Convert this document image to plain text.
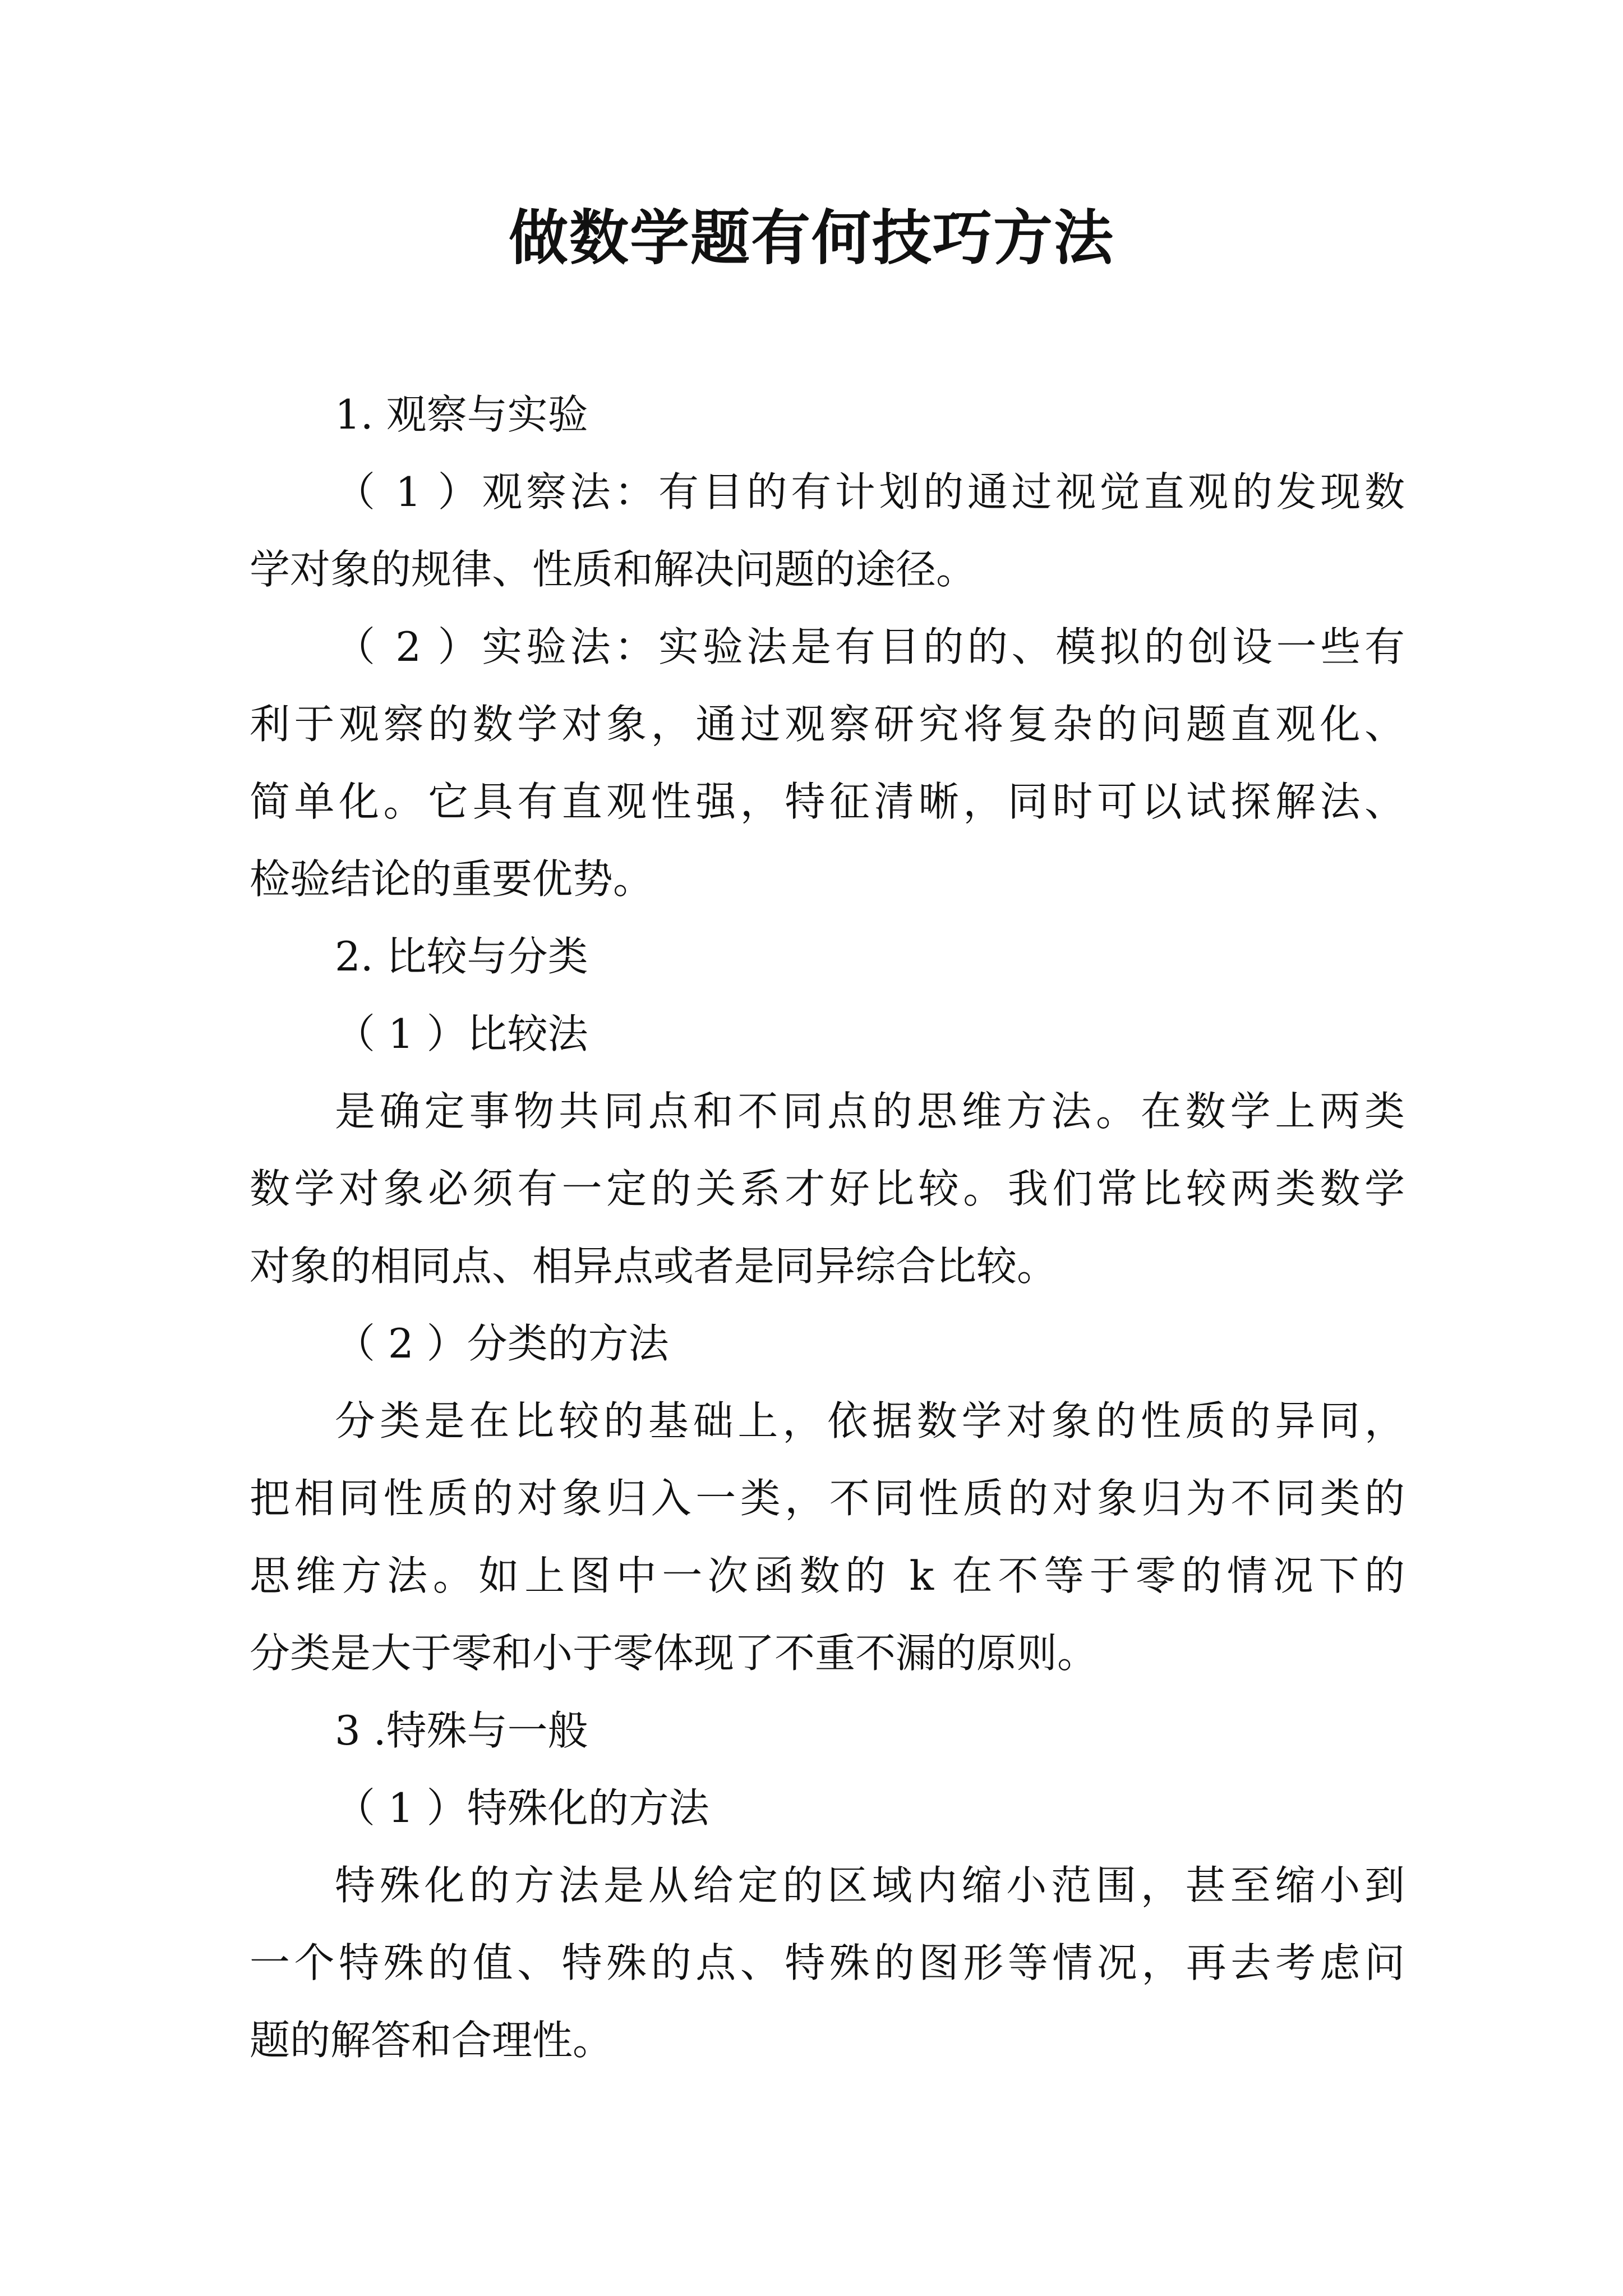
做数学题有何技巧方法
1. 观察与实验
（ 1 ）观察法：有目的有计划的通过视觉直观的发现数
学对象的规律、性质和解决问题的途径。
（ 2 ）实验法：实验法是有目的的、模拟的创设一些有
利于观察的数学对象，通过观察研究将复杂的问题直观化、
简单化。它具有直观性强，特征清晰，同时可以试探解法、
检验结论的重要优势。
2. 比较与分类
（ 1 ）比较法
是确定事物共同点和不同点的思维方法。在数学上两类
数学对象必须有一定的关系才好比较。我们常比较两类数学
对象的相同点、相异点或者是同异综合比较。
（ 2 ）分类的方法
分类是在比较的基础上，依据数学对象的性质的异同，
把相同性质的对象归入一类，不同性质的对象归为不同类的
思维方法。如上图中一次函数的 k 在不等于零的情况下的
分类是大于零和小于零体现了不重不漏的原则。
3 .特殊与一般
（ 1 ）特殊化的方法
特殊化的方法是从给定的区域内缩小范围，甚至缩小到
一个特殊的值、特殊的点、特殊的图形等情况，再去考虑问
题的解答和合理性。
